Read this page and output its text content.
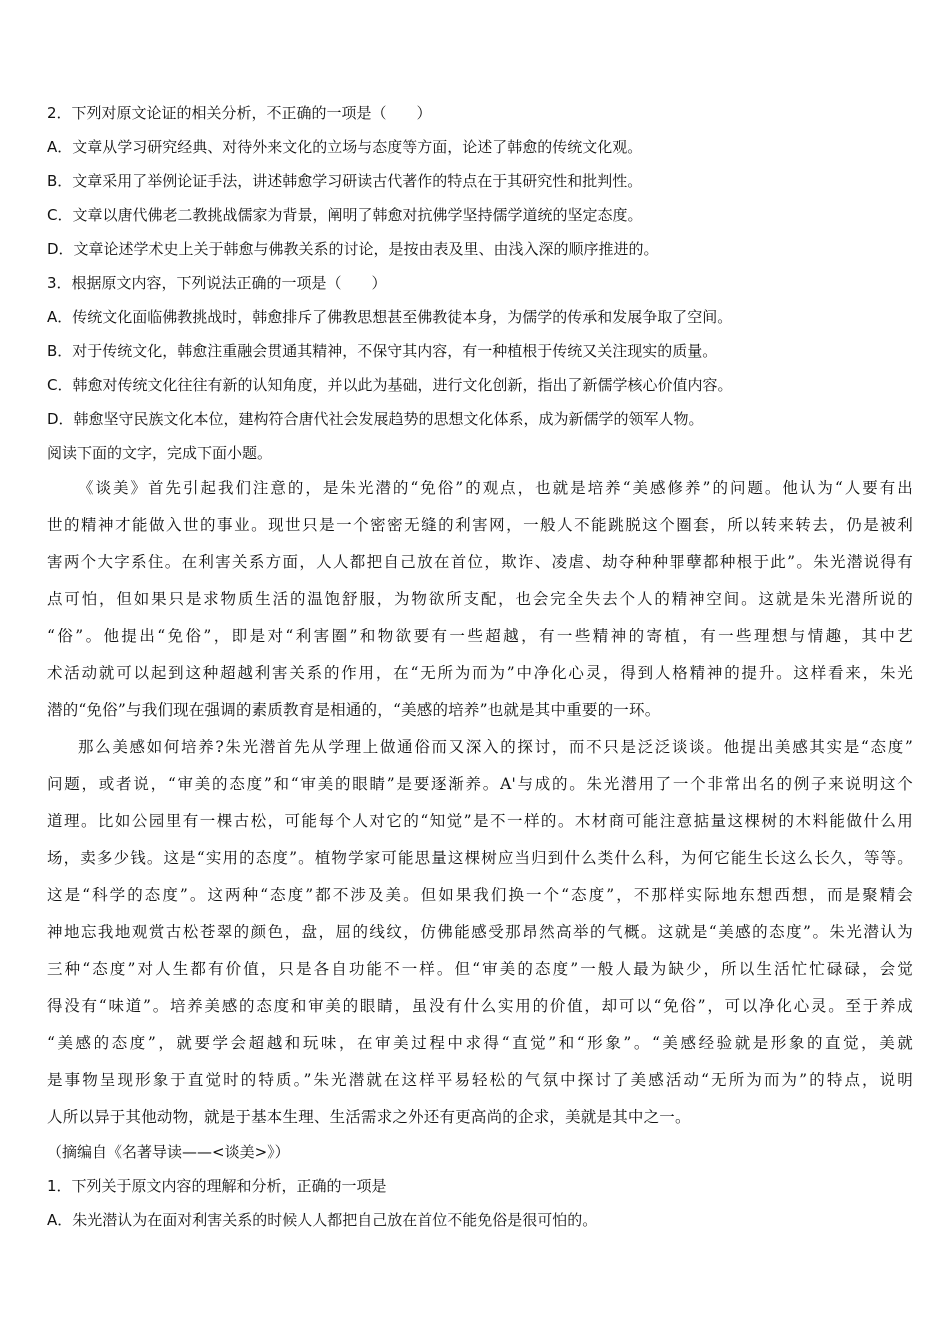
2．下列对原文论证的相关分析，不正确的一项是（　　）
A．文章从学习研究经典、对待外来文化的立场与态度等方面，论述了韩愈的传统文化观。
B．文章采用了举例论证手法，讲述韩愈学习研读古代著作的特点在于其研究性和批判性。
C．文章以唐代佛老二教挑战儒家为背景，阐明了韩愈对抗佛学坚持儒学道统的坚定态度。
D．文章论述学术史上关于韩愈与佛教关系的讨论，是按由表及里、由浅入深的顺序推进的。
3．根据原文内容，下列说法正确的一项是（　　）
A．传统文化面临佛教挑战时，韩愈排斥了佛教思想甚至佛教徒本身，为儒学的传承和发展争取了空间。
B．对于传统文化，韩愈注重融会贯通其精神，不保守其内容，有一种植根于传统又关注现实的质量。
C．韩愈对传统文化往往有新的认知角度，并以此为基础，进行文化创新，指出了新儒学核心价值内容。
D．韩愈坚守民族文化本位，建构符合唐代社会发展趋势的思想文化体系，成为新儒学的领军人物。
阅读下面的文字，完成下面小题。
《谈美》首先引起我们注意的，是朱光潜的“免俗”的观点，也就是培养“美感修养”的问题。他认为“人要有出
世的精神才能做入世的事业。现世只是一个密密无缝的利害网，一般人不能跳脱这个圈套，所以转来转去，仍是被利
害两个大字系住。在利害关系方面，人人都把自己放在首位，欺诈、凌虐、劫夺种种罪孽都种根于此”。朱光潜说得有
点可怕，但如果只是求物质生活的温饱舒服，为物欲所支配，也会完全失去个人的精神空间。这就是朱光潜所说的
“俗”。他提出“免俗”，即是对“利害圈”和物欲要有一些超越，有一些精神的寄植，有一些理想与情趣，其中艺
术活动就可以起到这种超越利害关系的作用，在“无所为而为”中净化心灵，得到人格精神的提升。这样看来，朱光
潜的“免俗”与我们现在强调的素质教育是相通的，“美感的培养”也就是其中重要的一环。
那么美感如何培养?朱光潜首先从学理上做通俗而又深入的探讨，而不只是泛泛谈谈。他提出美感其实是“态度”
问题，或者说，“审美的态度”和“审美的眼睛”是要逐渐养。A'与成的。朱光潜用了一个非常出名的例子来说明这个
道理。比如公园里有一棵古松，可能每个人对它的“知觉”是不一样的。木材商可能注意掂量这棵树的木料能做什么用
场，卖多少钱。这是“实用的态度”。植物学家可能思量这棵树应当归到什么类什么科，为何它能生长这么长久，等等。
这是“科学的态度”。这两种“态度”都不涉及美。但如果我们换一个“态度”，不那样实际地东想西想，而是聚精会
神地忘我地观赏古松苍翠的颜色，盘，屈的线纹，仿佛能感受那昂然高举的气概。这就是“美感的态度”。朱光潜认为
三种“态度”对人生都有价值，只是各自功能不一样。但“审美的态度”一般人最为缺少，所以生活忙忙碌碌，会觉
得没有“味道”。培养美感的态度和审美的眼睛，虽没有什么实用的价值，却可以“免俗”，可以净化心灵。至于养成
“美感的态度”，就要学会超越和玩味，在审美过程中求得“直觉”和“形象”。“美感经验就是形象的直觉，美就
是事物呈现形象于直觉时的特质。”朱光潜就在这样平易轻松的气氛中探讨了美感活动“无所为而为”的特点，说明
人所以异于其他动物，就是于基本生理、生活需求之外还有更高尚的企求，美就是其中之一。
（摘编自《名著导读——<谈美>》）
1．下列关于原文内容的理解和分析，正确的一项是
A．朱光潜认为在面对利害关系的时候人人都把自己放在首位不能免俗是很可怕的。
